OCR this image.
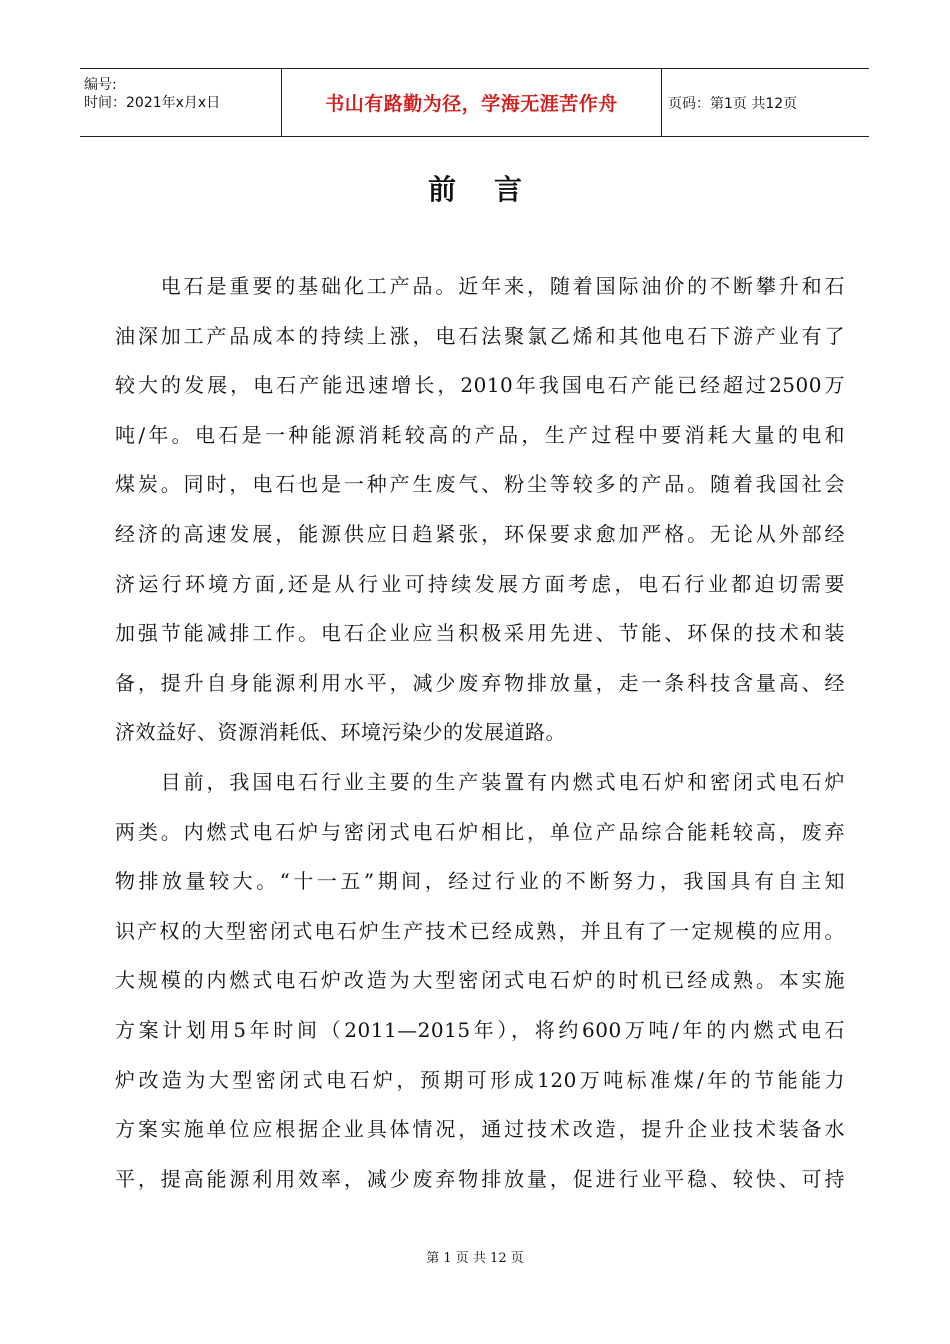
编号:
时间：2021年x月x日	书山有路勤为径，学海无涯苦作舟	页码：第1页 共12页
前言
　　电石是重要的基础化工产品。近年来，随着国际油价的不断攀升和石
油深加工产品成本的持续上涨，电石法聚氯乙烯和其他电石下游产业有了
较大的发展，电石产能迅速增长，2010年我国电石产能已经超过2500万
吨/年。电石是一种能源消耗较高的产品，生产过程中要消耗大量的电和
煤炭。同时，电石也是一种产生废气、粉尘等较多的产品。随着我国社会
经济的高速发展，能源供应日趋紧张，环保要求愈加严格。无论从外部经
济运行环境方面,还是从行业可持续发展方面考虑，电石行业都迫切需要
加强节能减排工作。电石企业应当积极采用先进、节能、环保的技术和装
备，提升自身能源利用水平，减少废弃物排放量，走一条科技含量高、经
济效益好、资源消耗低、环境污染少的发展道路。
　　目前，我国电石行业主要的生产装置有内燃式电石炉和密闭式电石炉
两类。内燃式电石炉与密闭式电石炉相比，单位产品综合能耗较高，废弃
物排放量较大。“十一五”期间，经过行业的不断努力，我国具有自主知
识产权的大型密闭式电石炉生产技术已经成熟，并且有了一定规模的应用。
大规模的内燃式电石炉改造为大型密闭式电石炉的时机已经成熟。本实施
方案计划用5年时间（2011—2015年），将约600万吨/年的内燃式电石
炉改造为大型密闭式电石炉，预期可形成120万吨标准煤/年的节能能力
方案实施单位应根据企业具体情况，通过技术改造，提升企业技术装备水
平，提高能源利用效率，减少废弃物排放量，促进行业平稳、较快、可持
第 1 页 共 12 页
